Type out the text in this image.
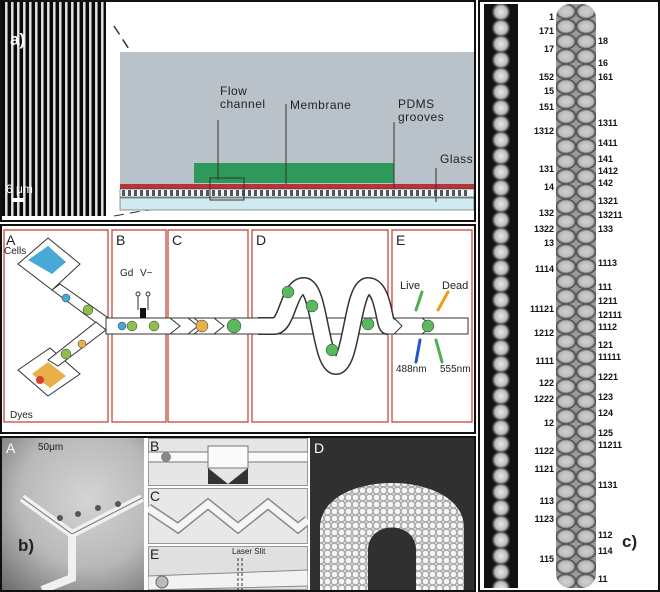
a)
6 μm
Flow
channel Membrane	PDMS
grooves
Glass
A	B	C	D	E
Cells
Dyes
Gd V~
Live Dead
488nm 555nm
A 50μm
b)
B
C
E	Laser Slit
D
c)
1
171
17
152
15
151
1312
131
14
132
1322
13
1114
11121
1212
1111
122
1222
12
1122
1121
113
1123
115
18
16
161
1311
1411
141
1412
142
1321
13211
133
1113
111
1211
12111
1112
121
11111
1221
123
124
125
11211
1131
112
114
11
